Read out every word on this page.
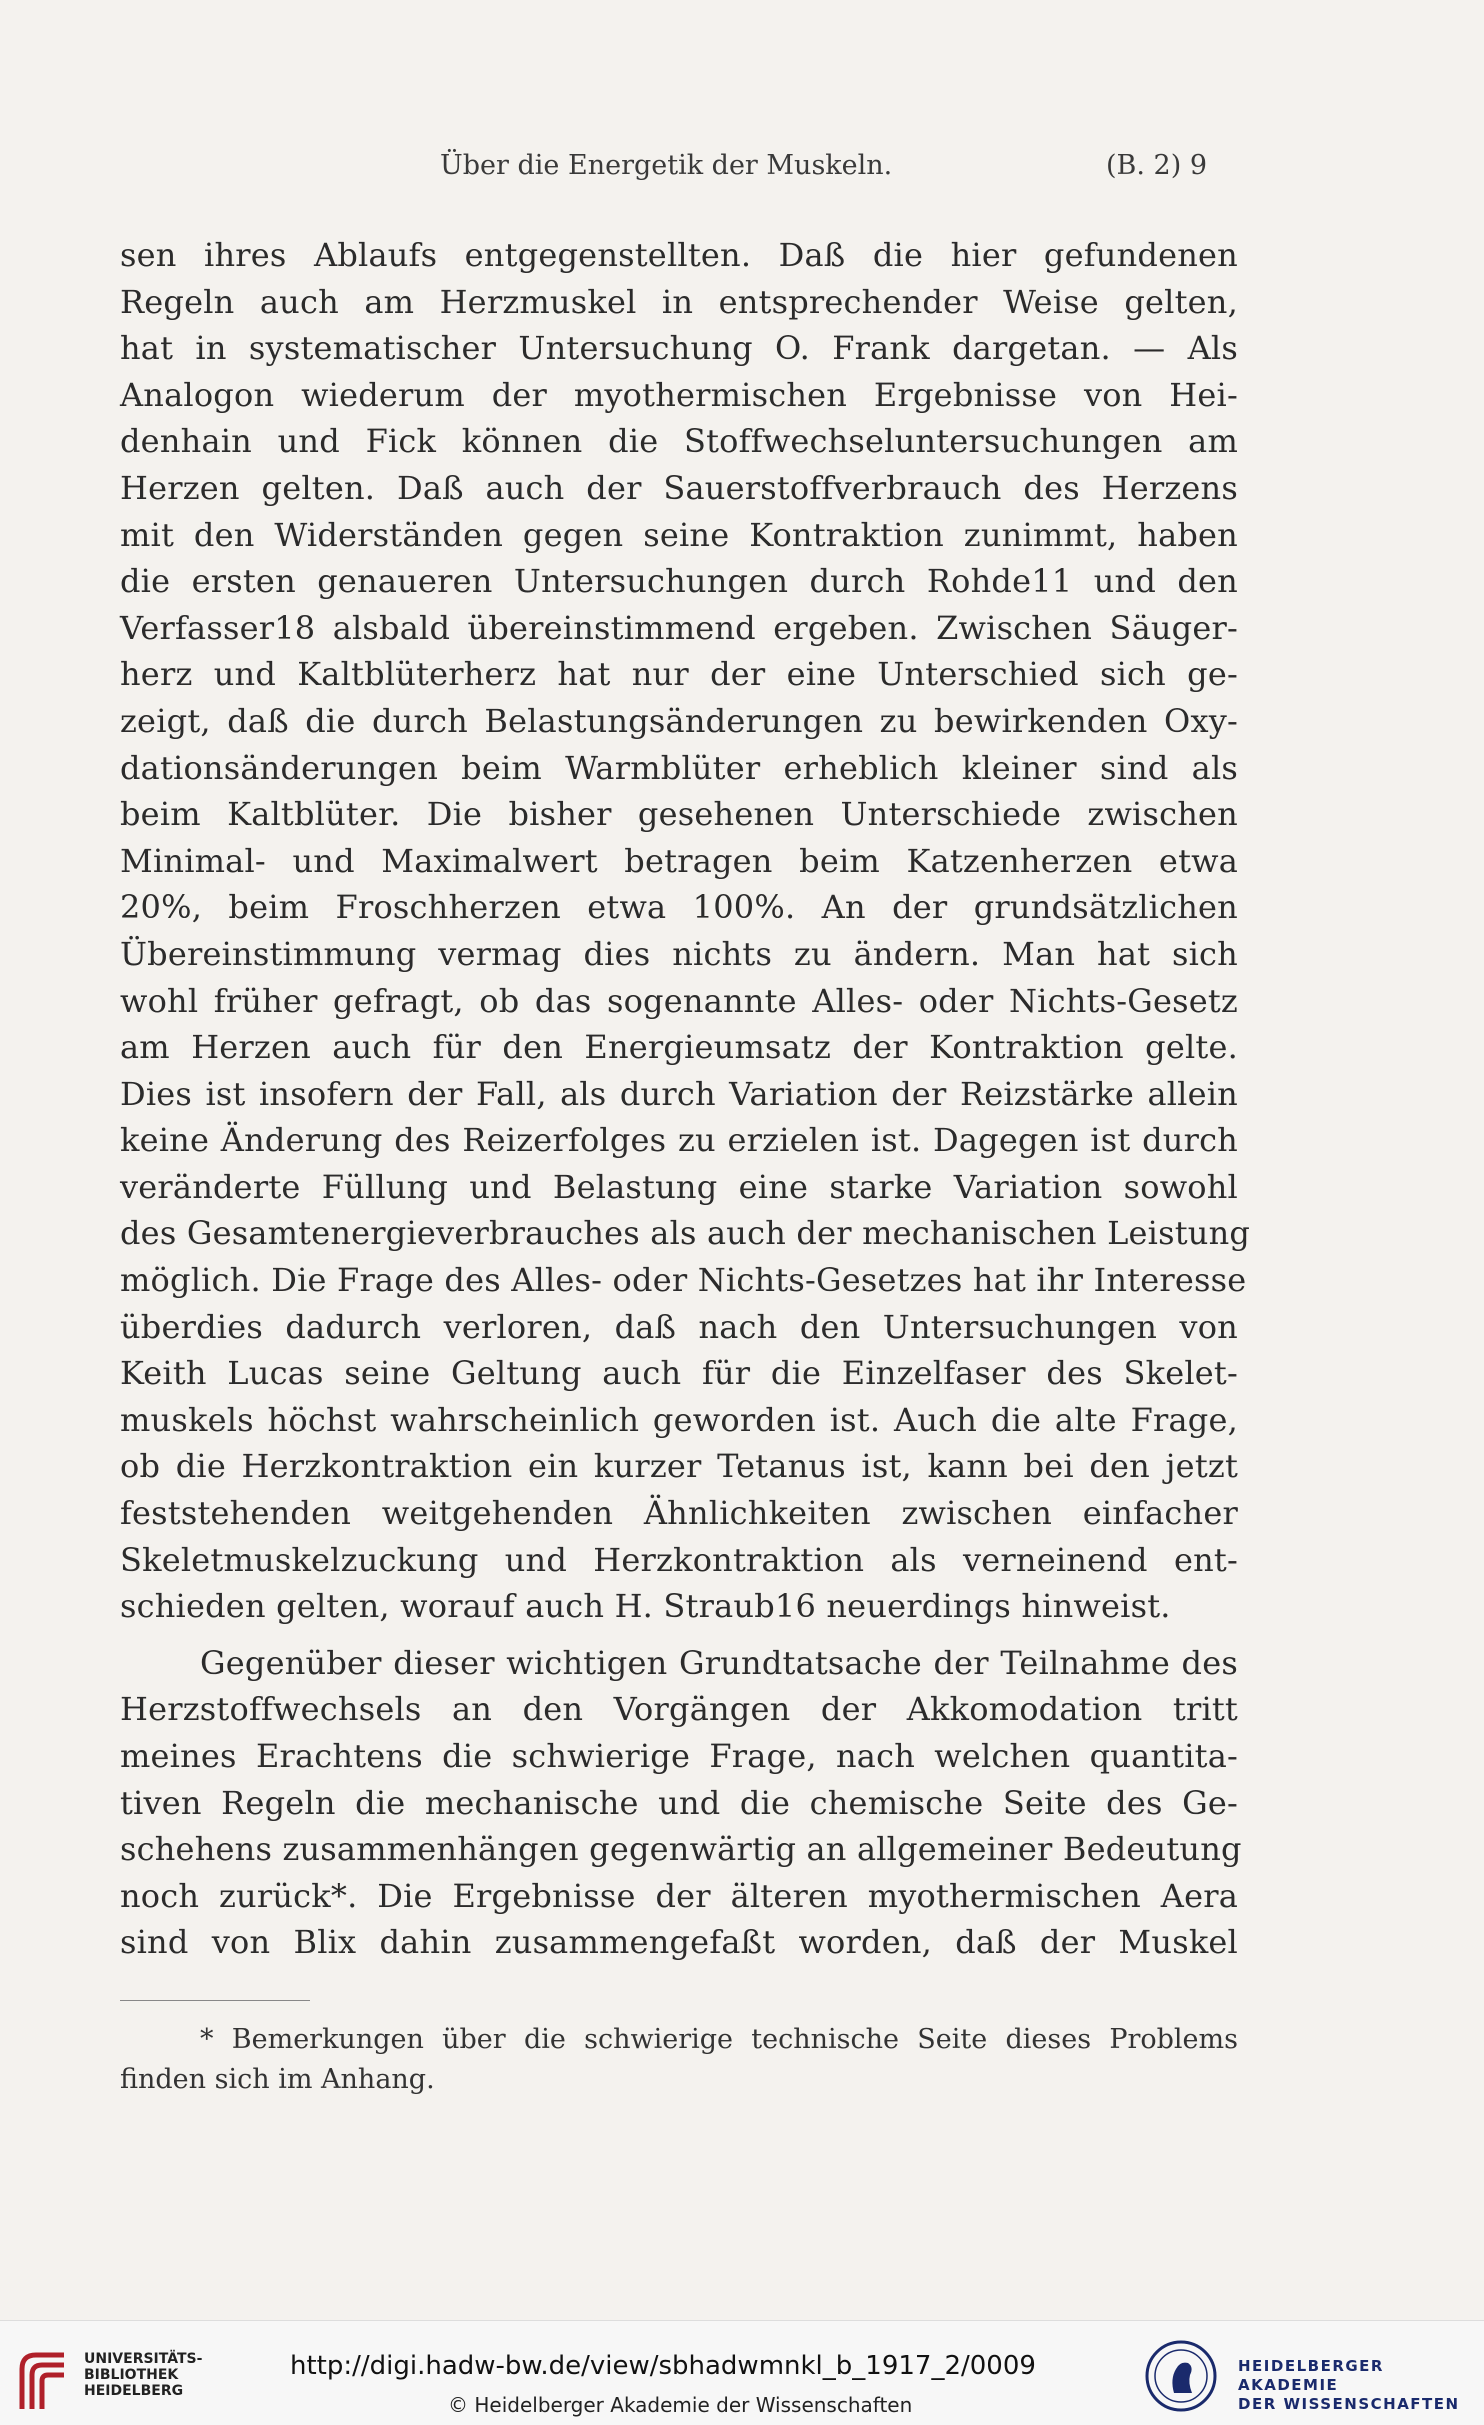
Über die Energetik der Muskeln.	(B. 2) 9
sen ihres Ablaufs entgegenstellten. Daß die hier gefundenen
Regeln auch am Herzmuskel in entsprechender Weise gelten,
hat in systematischer Untersuchung O. Frank dargetan. — Als
Analogon wiederum der myothermischen Ergebnisse von Hei-
denhain und Fick können die Stoffwechseluntersuchungen am
Herzen gelten. Daß auch der Sauerstoffverbrauch des Herzens
mit den Widerständen gegen seine Kontraktion zunimmt, haben
die ersten genaueren Untersuchungen durch Rohde11 und den
Verfasser18 alsbald übereinstimmend ergeben. Zwischen Säuger-
herz und Kaltblüterherz hat nur der eine Unterschied sich ge-
zeigt, daß die durch Belastungsänderungen zu bewirkenden Oxy-
dationsänderungen beim Warmblüter erheblich kleiner sind als
beim Kaltblüter. Die bisher gesehenen Unterschiede zwischen
Minimal- und Maximalwert betragen beim Katzenherzen etwa
20%, beim Froschherzen etwa 100%. An der grundsätzlichen
Übereinstimmung vermag dies nichts zu ändern. Man hat sich
wohl früher gefragt, ob das sogenannte Alles- oder Nichts-Gesetz
am Herzen auch für den Energieumsatz der Kontraktion gelte.
Dies ist insofern der Fall, als durch Variation der Reizstärke allein
keine Änderung des Reizerfolges zu erzielen ist. Dagegen ist durch
veränderte Füllung und Belastung eine starke Variation sowohl
des Gesamtenergieverbrauches als auch der mechanischen Leistung
möglich. Die Frage des Alles- oder Nichts-Gesetzes hat ihr Interesse
überdies dadurch verloren, daß nach den Untersuchungen von
Keith Lucas seine Geltung auch für die Einzelfaser des Skelet-
muskels höchst wahrscheinlich geworden ist. Auch die alte Frage,
ob die Herzkontraktion ein kurzer Tetanus ist, kann bei den jetzt
feststehenden weitgehenden Ähnlichkeiten zwischen einfacher
Skeletmuskelzuckung und Herzkontraktion als verneinend ent-
schieden gelten, worauf auch H. Straub16 neuerdings hinweist.
Gegenüber dieser wichtigen Grundtatsache der Teilnahme des
Herzstoffwechsels an den Vorgängen der Akkomodation tritt
meines Erachtens die schwierige Frage, nach welchen quantita-
tiven Regeln die mechanische und die chemische Seite des Ge-
schehens zusammenhängen gegenwärtig an allgemeiner Bedeutung
noch zurück*. Die Ergebnisse der älteren myothermischen Aera
sind von Blix dahin zusammengefaßt worden, daß der Muskel
* Bemerkungen über die schwierige technische Seite dieses Problems
finden sich im Anhang.
UNIVERSITÄTS-
BIBLIOTHEK
HEIDELBERG
http://digi.hadw-bw.de/view/sbhadwmnkl_b_1917_2/0009
© Heidelberger Akademie der Wissenschaften
HEIDELBERGER AKADEMIE
DER WISSENSCHAFTEN
